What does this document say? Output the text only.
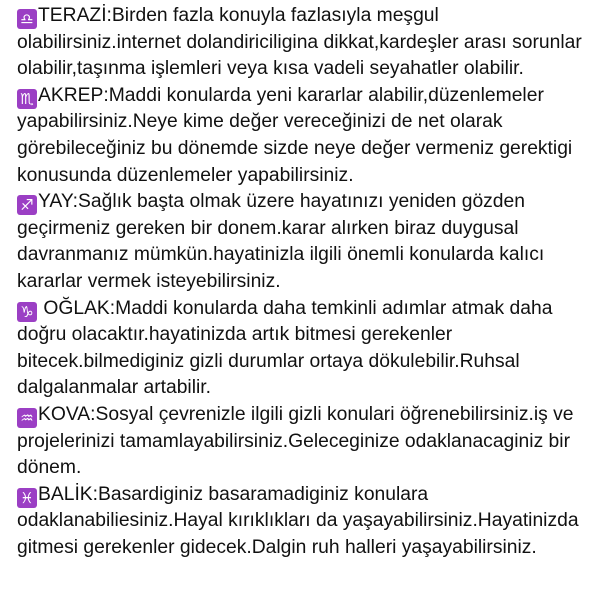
♎ TERAZİ:Birden fazla konuyla fazlasıyla meşgul olabilirsiniz.internet dolandiriciligina dikkat,kardeşler arası sorunlar olabilir,taşınma işlemleri veya kısa vadeli seyahatler olabilir.

♏ AKREP:Maddi konularda yeni kararlar alabilir,düzenlemeler yapabilirsiniz.Neye kime değer vereceğinizi de net olarak görebileceğiniz bu dönemde sizde neye değer vermeniz gerektigi konusunda düzenlemeler yapabilirsiniz.

♐ YAY:Sağlık başta olmak üzere hayatınızı yeniden gözden geçirmeniz gereken bir donem.karar alırken biraz duygusal davranmanız mümkün.hayatinizla ilgili önemli konularda kalıcı kararlar vermek isteyebilirsiniz.

♑ OĞLAK:Maddi konularda daha temkinli adımlar atmak daha doğru olacaktır.hayatinizda artık bitmesi gerekenler bitecek.bilmediginiz gizli durumlar ortaya dökulebilir.Ruhsal dalgalanmalar artabilir.

♒ KOVA:Sosyal çevrenizle ilgili gizli konulari öğrenebilirsiniz.iş ve projelerinizi tamamlayabilirsiniz.Geleceginize odaklanacaginiz bir dönem.

♓ BALİK:Basardiginiz basaramadiginiz konulara odaklanabiliesiniz.Hayal kırıklıkları da yaşayabilirsiniz.Hayatinizda gitmesi gerekenler gidecek.Dalgin ruh halleri yaşayabilirsiniz.
